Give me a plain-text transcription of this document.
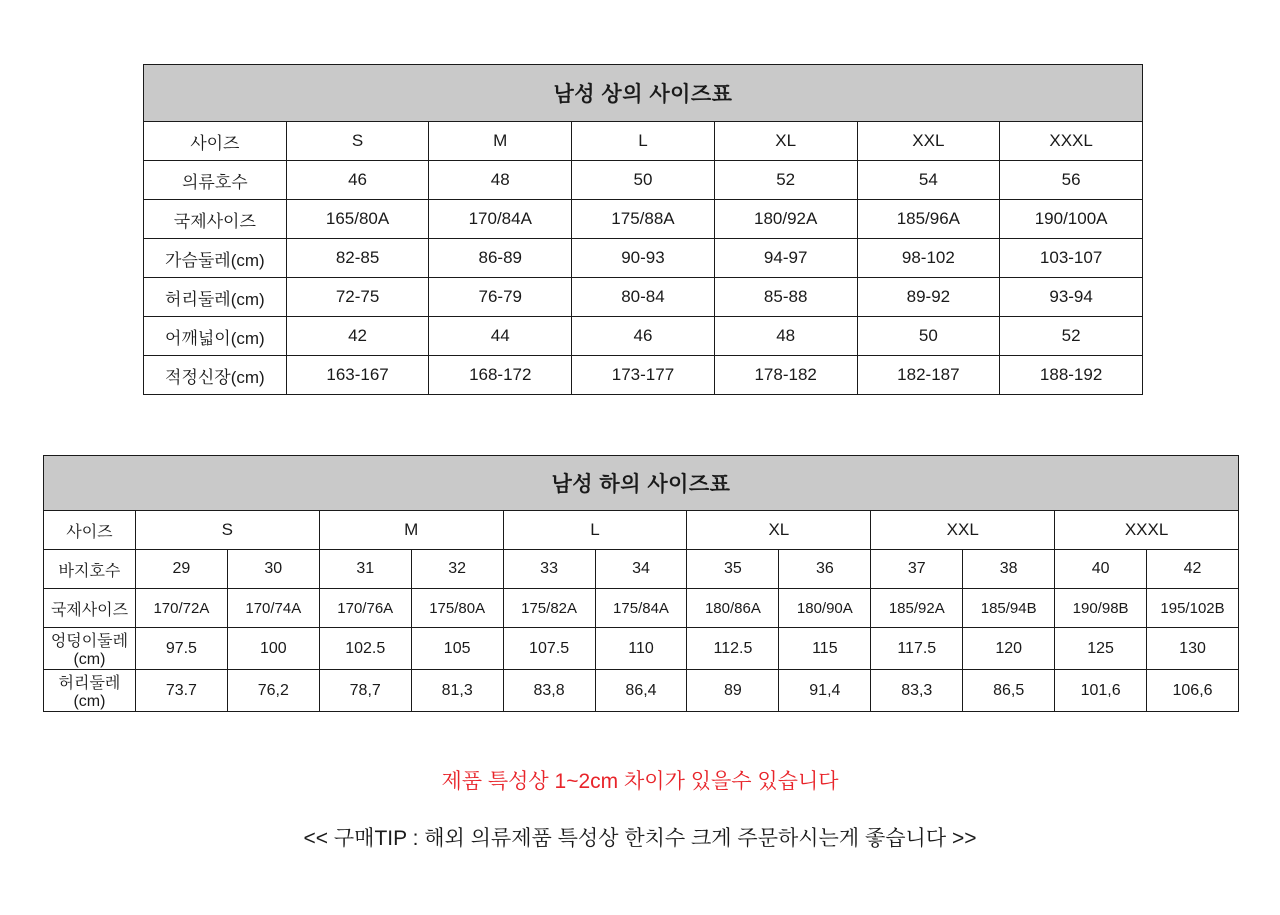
남성 상의 사이즈표						
사이즈	S	M	L	XL	XXL	XXXL
의류호수	46	48	50	52	54	56
국제사이즈	165/80A	170/84A	175/88A	180/92A	185/96A	190/100A
가슴둘레(cm)	82-85	86-89	90-93	94-97	98-102	103-107
허리둘레(cm)	72-75	76-79	80-84	85-88	89-92	93-94
어깨넓이(cm)	42	44	46	48	50	52
적정신장(cm)	163-167	168-172	173-177	178-182	182-187	188-192
남성 하의 사이즈표												
사이즈	S		M		L		XL		XXL		XXXL	
바지호수	29	30	31	32	33	34	35	36	37	38	40	42
국제사이즈	170/72A	170/74A	170/76A	175/80A	175/82A	175/84A	180/86A	180/90A	185/92A	185/94B	190/98B	195/102B
엉덩이둘레(cm)	97.5	100	102.5	105	107.5	110	112.5	115	117.5	120	125	130
허리둘레(cm)	73.7	76,2	78,7	81,3	83,8	86,4	89	91,4	83,3	86,5	101,6	106,6
제품 특성상 1~2cm 차이가 있을수 있습니다
<< 구매TIP : 해외 의류제품 특성상 한치수 크게 주문하시는게 좋습니다 >>
